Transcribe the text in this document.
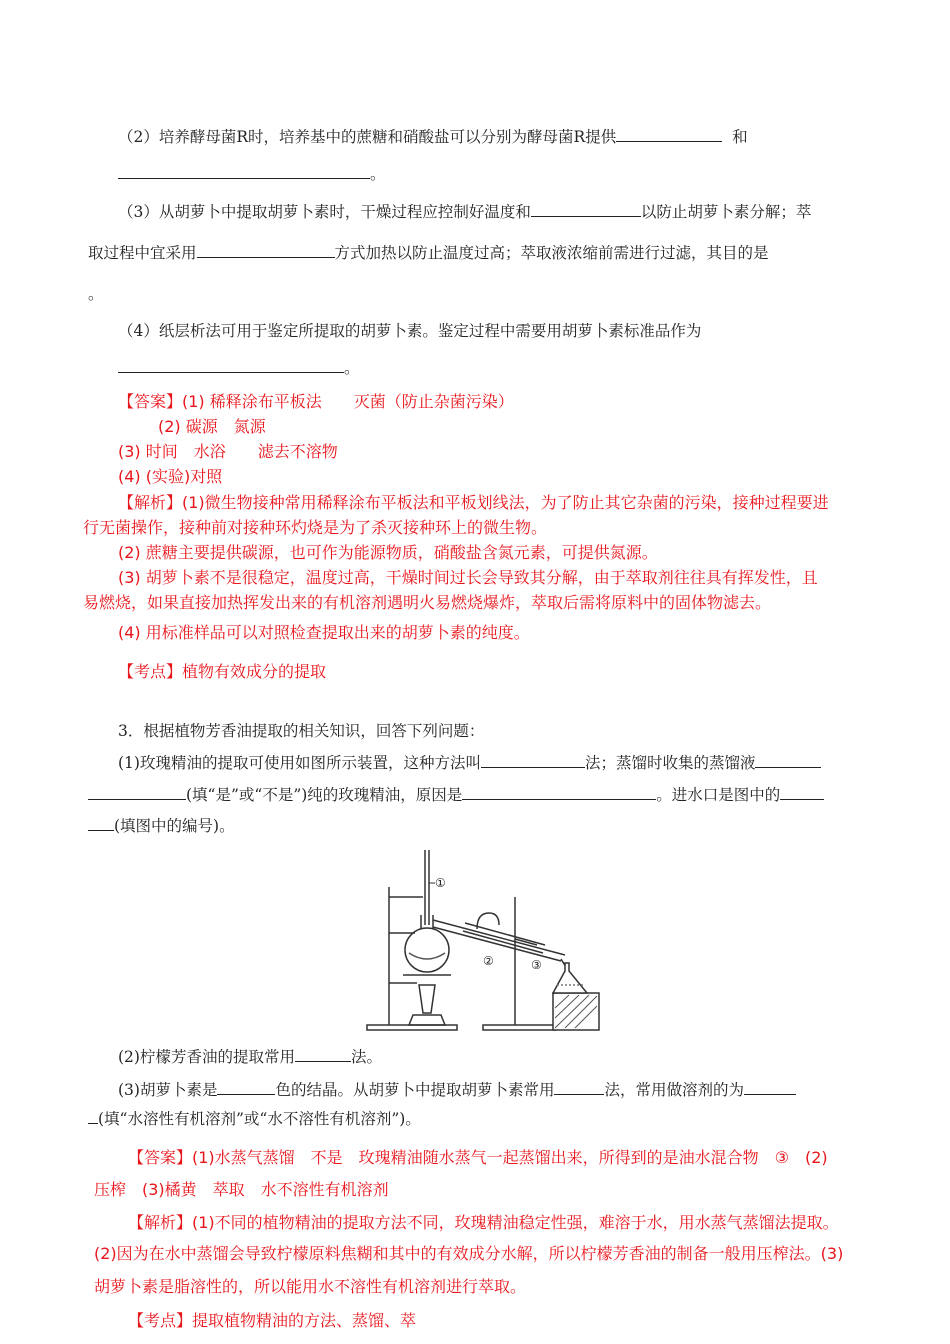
（2）培养酵母菌R时，培养基中的蔗糖和硝酸盐可以分别为酵母菌R提供	和
。
（3）从胡萝卜中提取胡萝卜素时，干燥过程应控制好温度和	以防止胡萝卜素分解；萃
取过程中宜采用	方式加热以防止温度过高；萃取液浓缩前需进行过滤，其目的是
。
（4）纸层析法可用于鉴定所提取的胡萝卜素。鉴定过程中需要用胡萝卜素标准品作为
。
【答案】(1) 稀释涂布平板法　　灭菌（防止杂菌污染）
(2) 碳源　氮源
(3) 时间　水浴　　滤去不溶物
(4) (实验)对照
【解析】(1)微生物接种常用稀释涂布平板法和平板划线法，为了防止其它杂菌的污染，接种过程要进
行无菌操作，接种前对接种环灼烧是为了杀灭接种环上的微生物。
(2) 蔗糖主要提供碳源，也可作为能源物质，硝酸盐含氮元素，可提供氮源。
(3) 胡萝卜素不是很稳定，温度过高，干燥时间过长会导致其分解，由于萃取剂往往具有挥发性，且
易燃烧，如果直接加热挥发出来的有机溶剂遇明火易燃烧爆炸，萃取后需将原料中的固体物滤去。
(4) 用标准样品可以对照检查提取出来的胡萝卜素的纯度。
【考点】植物有效成分的提取
3．根据植物芳香油提取的相关知识，回答下列问题：
(1)玫瑰精油的提取可使用如图所示装置，这种方法叫	法；蒸馏时收集的蒸馏液
(填“是”或“不是”)纯的玫瑰精油，原因是	。进水口是图中的
(填图中的编号)。
①
②	③
(2)柠檬芳香油的提取常用	法。
(3)胡萝卜素是	色的结晶。从胡萝卜中提取胡萝卜素常用	法，常用做溶剂的为
(填“水溶性有机溶剂”或“水不溶性有机溶剂”)。
【答案】(1)水蒸气蒸馏　不是　玫瑰精油随水蒸气一起蒸馏出来，所得到的是油水混合物　③　(2)
压榨　(3)橘黄　萃取　水不溶性有机溶剂
【解析】(1)不同的植物精油的提取方法不同，玫瑰精油稳定性强，难溶于水，用水蒸气蒸馏法提取。
(2)因为在水中蒸馏会导致柠檬原料焦糊和其中的有效成分水解，所以柠檬芳香油的制备一般用压榨法。(3)
胡萝卜素是脂溶性的，所以能用水不溶性有机溶剂进行萃取。
【考点】提取植物精油的方法、蒸馏、萃
